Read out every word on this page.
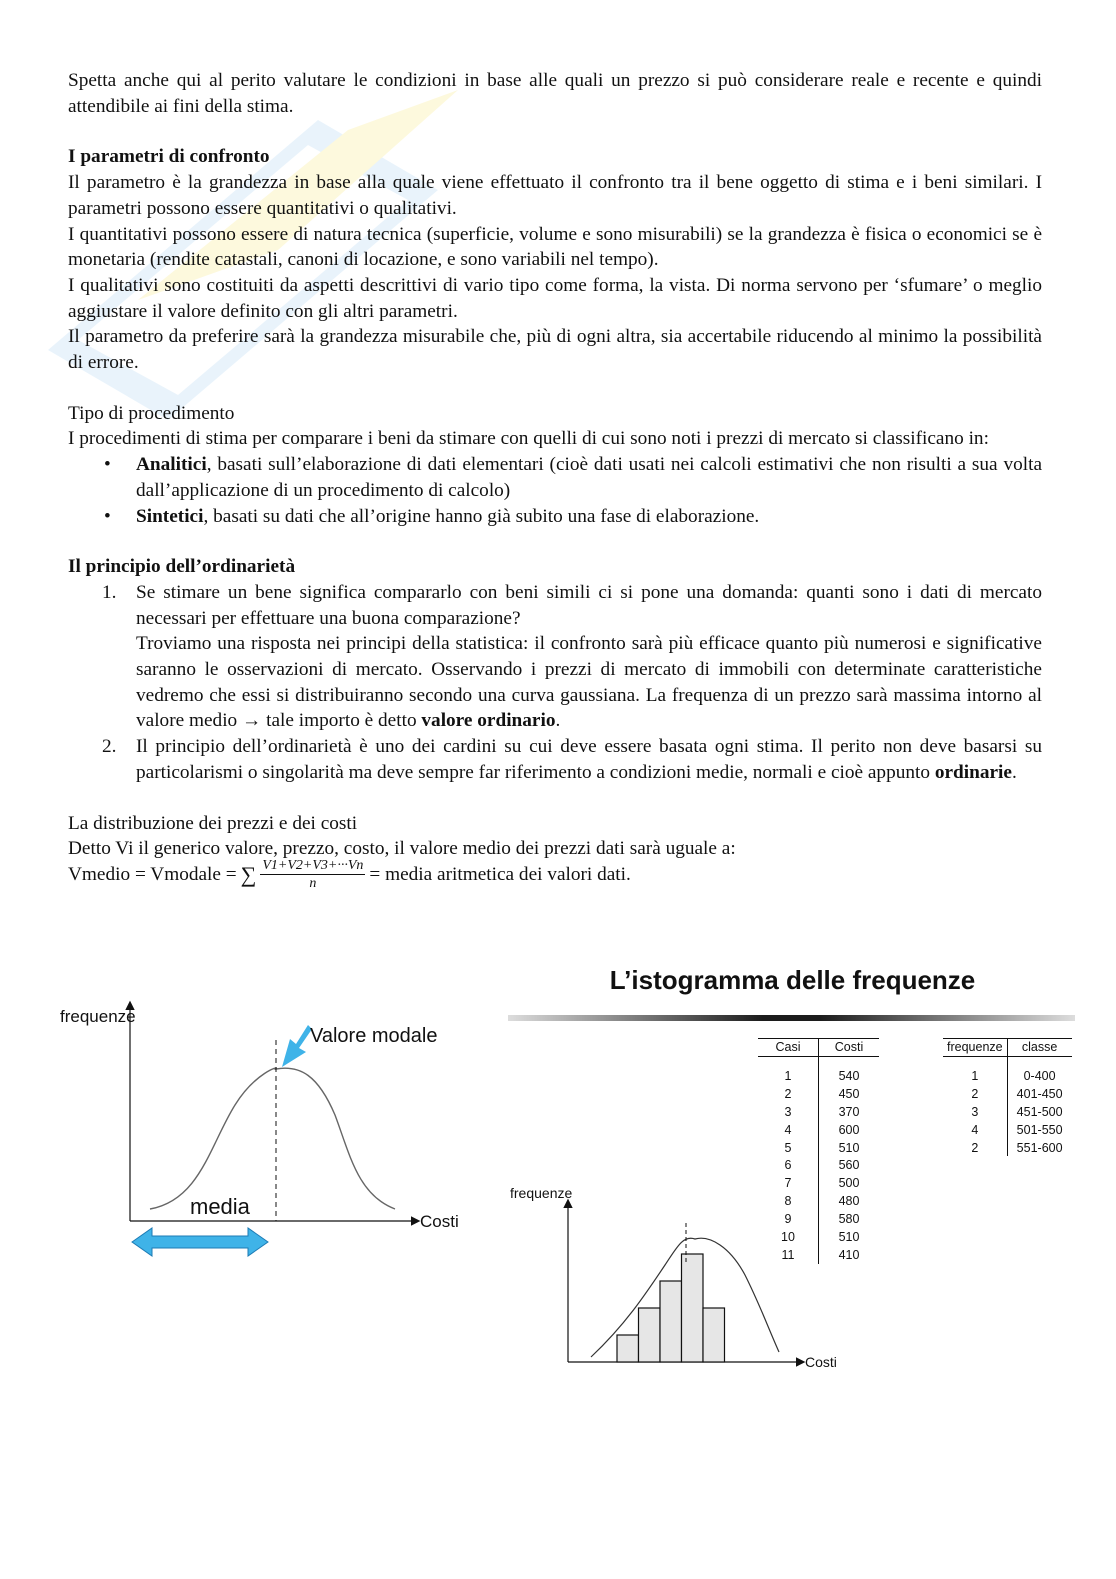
Spetta anche qui al perito valutare le condizioni in base alle quali un prezzo si può considerare reale e recente e quindi attendibile ai fini della stima.

I parametri di confronto

Il parametro è la grandezza in base alla quale viene effettuato il confronto tra il bene oggetto di stima e i beni similari. I parametri possono essere quantitativi o qualitativi.

I quantitativi possono essere di natura tecnica (superficie, volume e sono misurabili) se la grandezza è fisica o economici se è monetaria (rendite catastali, canoni di locazione, e sono variabili nel tempo).

I qualitativi sono costituiti da aspetti descrittivi di vario tipo come forma, la vista. Di norma servono per ‘sfumare’ o meglio aggiustare il valore definito con gli altri parametri.

Il parametro da preferire sarà la grandezza misurabile che, più di ogni altra, sia accertabile riducendo al minimo la possibilità di errore.

Tipo di procedimento

I procedimenti di stima per comparare i beni da stimare con quelli di cui sono noti i prezzi di mercato si classificano in:

• Analitici, basati sull’elaborazione di dati elementari (cioè dati usati nei calcoli estimativi che non risulti a sua volta dall’applicazione di un procedimento di calcolo)
• Sintetici, basati su dati che all’origine hanno già subito una fase di elaborazione.

Il principio dell’ordinarietà

1. Se stimare un bene significa compararlo con beni simili ci si pone una domanda: quanti sono i dati di mercato necessari per effettuare una buona comparazione?
Troviamo una risposta nei principi della statistica: il confronto sarà più efficace quanto più numerosi e significative saranno le osservazioni di mercato. Osservando i prezzi di mercato di immobili con determinate caratteristiche vedremo che essi si distribuiranno secondo una curva gaussiana. La frequenza di un prezzo sarà massima intorno al valore medio → tale importo è detto valore ordinario.
2. Il principio dell’ordinarietà è uno dei cardini su cui deve essere basata ogni stima. Il perito non deve basarsi su particolarismi o singolarità ma deve sempre far riferimento a condizioni medie, normali e cioè appunto ordinarie.

La distribuzione dei prezzi e dei costi

Detto Vi il generico valore, prezzo, costo, il valore medio dei prezzi dati sarà uguale a:

Vmedio = Vmodale = ∑ $\frac{V1+V2+V3+\cdot\cdot\cdot Vn}{n}$ = media aritmetica dei valori dati.
frequenze
Costi
Valore modale
media
L’istogramma delle frequenze
Casi	Costi
1	540
2	450
3	370
4	600
5	510
6	560
7	500
8	480
9	580
10	510
11	410
frequenze	classe
1	0-400
2	401-450
3	451-500
4	501-550
2	551-600
frequenze
Costi
